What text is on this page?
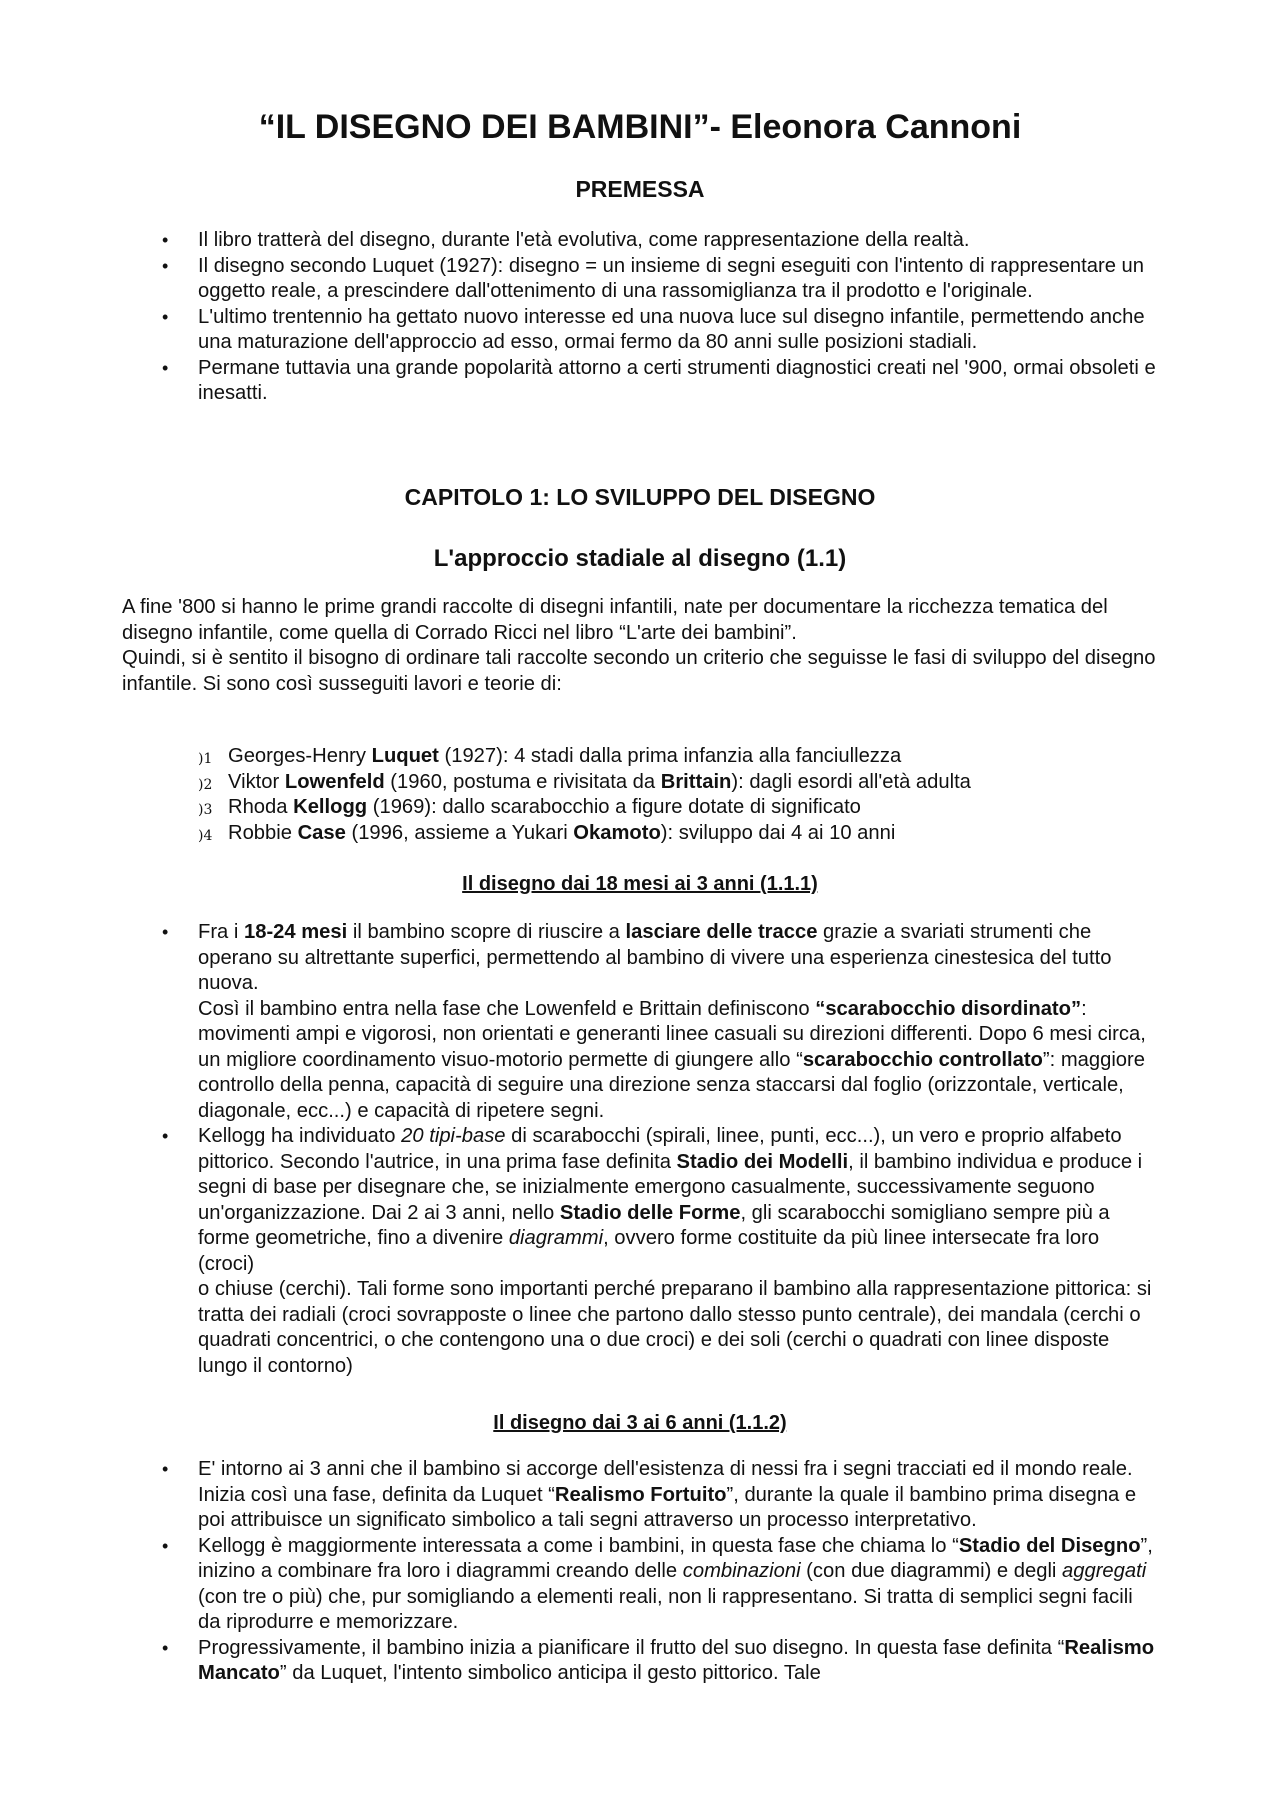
“IL DISEGNO DEI BAMBINI”- Eleonora Cannoni
PREMESSA
• Il libro tratterà del disegno, durante l'età evolutiva, come rappresentazione della realtà.
• Il disegno secondo Luquet (1927): disegno = un insieme di segni eseguiti con l'intento di rappresentare un oggetto reale, a prescindere dall'ottenimento di una rassomiglianza tra il prodotto e l'originale.
• L'ultimo trentennio ha gettato nuovo interesse ed una nuova luce sul disegno infantile, permettendo anche una maturazione dell'approccio ad esso, ormai fermo da 80 anni sulle posizioni stadiali.
• Permane tuttavia una grande popolarità attorno a certi strumenti diagnostici creati nel '900, ormai obsoleti e inesatti.
CAPITOLO 1: LO SVILUPPO DEL DISEGNO
L'approccio stadiale al disegno (1.1)
A fine '800 si hanno le prime grandi raccolte di disegni infantili, nate per documentare la ricchezza tematica del disegno infantile, come quella di Corrado Ricci nel libro “L'arte dei bambini”.
Quindi, si è sentito il bisogno di ordinare tali raccolte secondo un criterio che seguisse le fasi di sviluppo del disegno infantile. Si sono così susseguiti lavori e teorie di:
)1 Georges-Henry Luquet (1927): 4 stadi dalla prima infanzia alla fanciullezza
)2 Viktor Lowenfeld (1960, postuma e rivisitata da Brittain): dagli esordi all'età adulta
)3 Rhoda Kellogg (1969): dallo scarabocchio a figure dotate di significato
)4 Robbie Case (1996, assieme a Yukari Okamoto): sviluppo dai 4 ai 10 anni
Il disegno dai 18 mesi ai 3 anni (1.1.1)
• Fra i 18-24 mesi il bambino scopre di riuscire a lasciare delle tracce grazie a svariati strumenti che operano su altrettante superfici, permettendo al bambino di vivere una esperienza cinestesica del tutto nuova.
Così il bambino entra nella fase che Lowenfeld e Brittain definiscono “scarabocchio disordinato”: movimenti ampi e vigorosi, non orientati e generanti linee casuali su direzioni differenti. Dopo 6 mesi circa, un migliore coordinamento visuo-motorio permette di giungere allo “scarabocchio controllato”: maggiore controllo della penna, capacità di seguire una direzione senza staccarsi dal foglio (orizzontale, verticale, diagonale, ecc...) e capacità di ripetere segni.
• Kellogg ha individuato 20 tipi-base di scarabocchi (spirali, linee, punti, ecc...), un vero e proprio alfabeto pittorico. Secondo l'autrice, in una prima fase definita Stadio dei Modelli, il bambino individua e produce i segni di base per disegnare che, se inizialmente emergono casualmente, successivamente seguono un'organizzazione. Dai 2 ai 3 anni, nello Stadio delle Forme, gli scarabocchi somigliano sempre più a forme geometriche, fino a divenire diagrammi, ovvero forme costituite da più linee intersecate fra loro (croci)
o chiuse (cerchi). Tali forme sono importanti perché preparano il bambino alla rappresentazione pittorica: si tratta dei radiali (croci sovrapposte o linee che partono dallo stesso punto centrale), dei mandala (cerchi o quadrati concentrici, o che contengono una o due croci) e dei soli (cerchi o quadrati con linee disposte lungo il contorno)
Il disegno dai 3 ai 6 anni (1.1.2)
• E' intorno ai 3 anni che il bambino si accorge dell'esistenza di nessi fra i segni tracciati ed il mondo reale. Inizia così una fase, definita da Luquet “Realismo Fortuito”, durante la quale il bambino prima disegna e poi attribuisce un significato simbolico a tali segni attraverso un processo interpretativo.
• Kellogg è maggiormente interessata a come i bambini, in questa fase che chiama lo “Stadio del Disegno”, inizino a combinare fra loro i diagrammi creando delle combinazioni (con due diagrammi) e degli aggregati (con tre o più) che, pur somigliando a elementi reali, non li rappresentano. Si tratta di semplici segni facili da riprodurre e memorizzare.
• Progressivamente, il bambino inizia a pianificare il frutto del suo disegno. In questa fase definita “Realismo Mancato” da Luquet, l'intento simbolico anticipa il gesto pittorico. Tale
